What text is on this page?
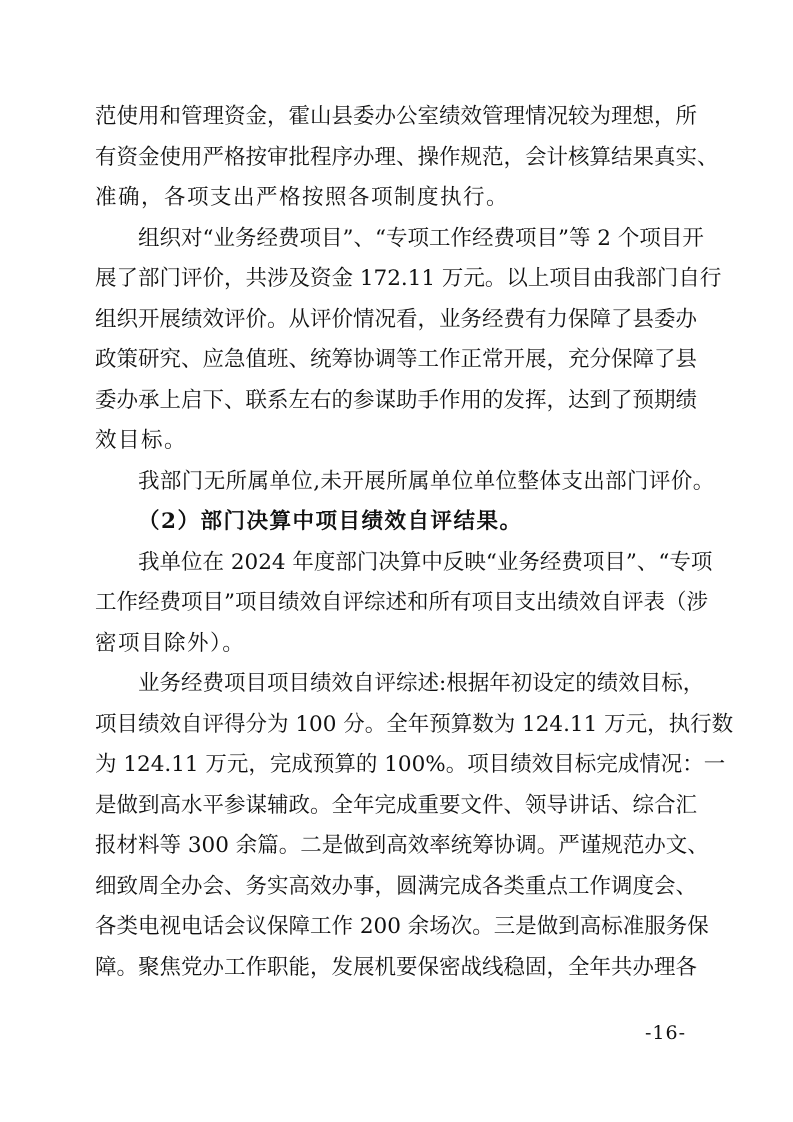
范使用和管理资金，霍山县委办公室绩效管理情况较为理想，所
有资金使用严格按审批程序办理、操作规范，会计核算结果真实、
准确，各项支出严格按照各项制度执行。

组织对“业务经费项目”、“专项工作经费项目”等 2 个项目开
展了部门评价，共涉及资金 172.11 万元。以上项目由我部门自行
组织开展绩效评价。从评价情况看，业务经费有力保障了县委办
政策研究、应急值班、统筹协调等工作正常开展，充分保障了县
委办承上启下、联系左右的参谋助手作用的发挥，达到了预期绩
效目标。

我部门无所属单位,未开展所属单位单位整体支出部门评价。

（2）部门决算中项目绩效自评结果。

我单位在 2024 年度部门决算中反映“业务经费项目”、“专项
工作经费项目”项目绩效自评综述和所有项目支出绩效自评表（涉
密项目除外）。

业务经费项目项目绩效自评综述:根据年初设定的绩效目标，
项目绩效自评得分为 100 分。全年预算数为 124.11 万元，执行数
为 124.11 万元，完成预算的 100%。项目绩效目标完成情况：一
是做到高水平参谋辅政。全年完成重要文件、领导讲话、综合汇
报材料等 300 余篇。二是做到高效率统筹协调。严谨规范办文、
细致周全办会、务实高效办事，圆满完成各类重点工作调度会、
各类电视电话会议保障工作 200 余场次。三是做到高标准服务保
障。聚焦党办工作职能，发展机要保密战线稳固，全年共办理各

-16-
